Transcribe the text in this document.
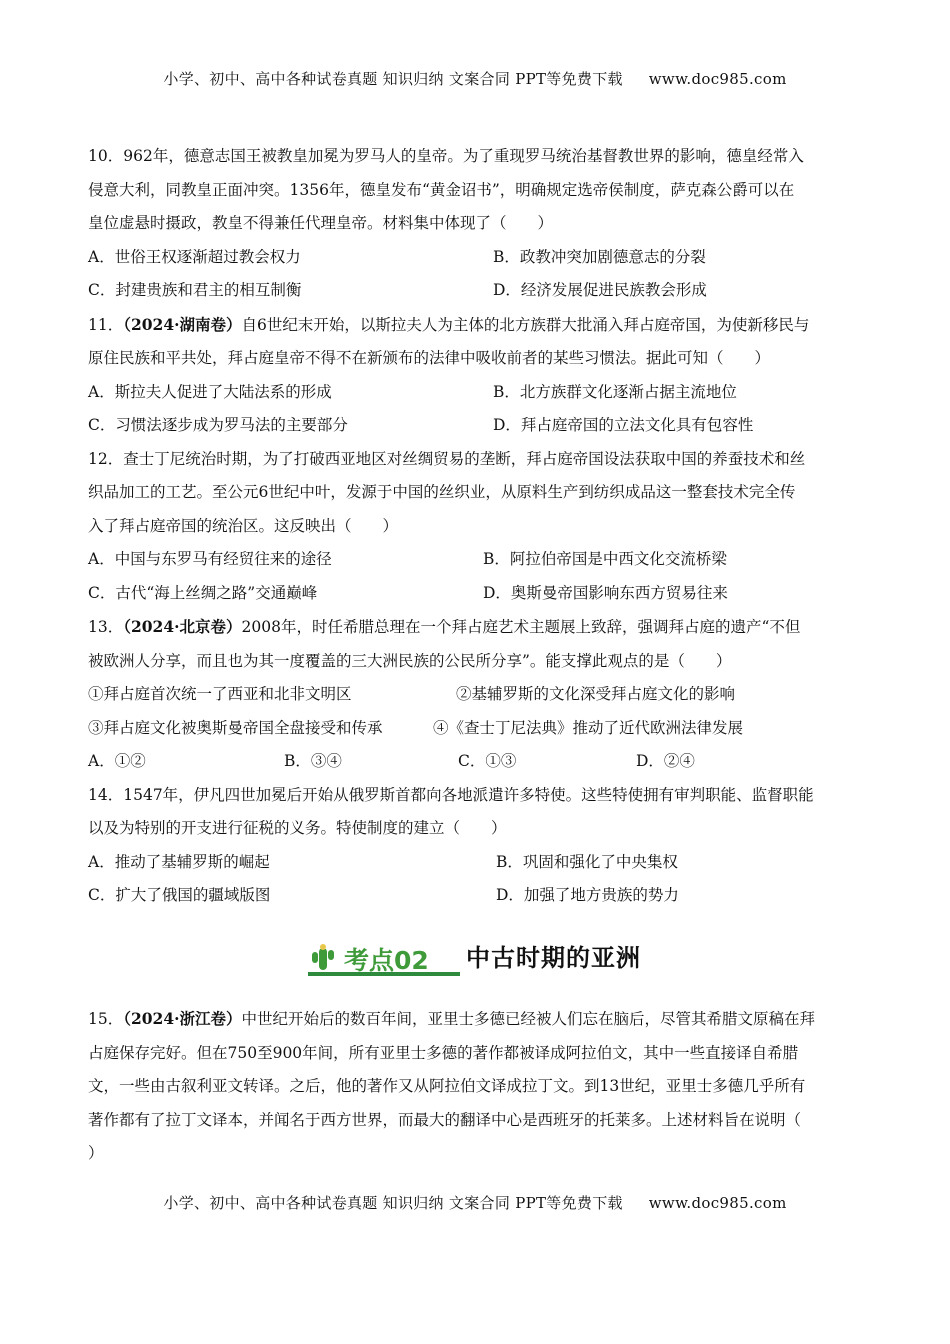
小学、初中、高中各种试卷真题 知识归纳 文案合同 PPT等免费下载 www.doc985.com

10．962年，德意志国王被教皇加冕为罗马人的皇帝。为了重现罗马统治基督教世界的影响，德皇经常入

侵意大利，同教皇正面冲突。1356年，德皇发布“黄金诏书”，明确规定选帝侯制度，萨克森公爵可以在

皇位虚悬时摄政，教皇不得兼任代理皇帝。材料集中体现了（　　）

A．世俗王权逐渐超过教会权力	B．政教冲突加剧德意志的分裂
C．封建贵族和君主的相互制衡	D．经济发展促进民族教会形成

11．（2024·湖南卷）自6世纪末开始，以斯拉夫人为主体的北方族群大批涌入拜占庭帝国，为使新移民与

原住民族和平共处，拜占庭皇帝不得不在新颁布的法律中吸收前者的某些习惯法。据此可知（　　）

A．斯拉夫人促进了大陆法系的形成	B．北方族群文化逐渐占据主流地位
C．习惯法逐步成为罗马法的主要部分	D．拜占庭帝国的立法文化具有包容性

12．查士丁尼统治时期，为了打破西亚地区对丝绸贸易的垄断，拜占庭帝国设法获取中国的养蚕技术和丝

织品加工的工艺。至公元6世纪中叶，发源于中国的丝织业，从原料生产到纺织成品这一整套技术完全传

入了拜占庭帝国的统治区。这反映出（　　）

A．中国与东罗马有经贸往来的途径	B．阿拉伯帝国是中西文化交流桥梁
C．古代“海上丝绸之路”交通巅峰	D．奥斯曼帝国影响东西方贸易往来

13．（2024·北京卷）2008年，时任希腊总理在一个拜占庭艺术主题展上致辞，强调拜占庭的遗产“不但

被欧洲人分享，而且也为其一度覆盖的三大洲民族的公民所分享”。能支撑此观点的是（　　）

①拜占庭首次统一了西亚和北非文明区	②基辅罗斯的文化深受拜占庭文化的影响
③拜占庭文化被奥斯曼帝国全盘接受和传承	④《查士丁尼法典》推动了近代欧洲法律发展
A．①②	B．③④	C．①③	D．②④

14．1547年，伊凡四世加冕后开始从俄罗斯首都向各地派遣许多特使。这些特使拥有审判职能、监督职能

以及为特别的开支进行征税的义务。特使制度的建立（　　）

A．推动了基辅罗斯的崛起	B．巩固和强化了中央集权
C．扩大了俄国的疆域版图	D．加强了地方贵族的势力
考点02 中古时期的亚洲

15．（2024·浙江卷）中世纪开始后的数百年间，亚里士多德已经被人们忘在脑后，尽管其希腊文原稿在拜

占庭保存完好。但在750至900年间，所有亚里士多德的著作都被译成阿拉伯文，其中一些直接译自希腊

文，一些由古叙利亚文转译。之后，他的著作又从阿拉伯文译成拉丁文。到13世纪，亚里士多德几乎所有

著作都有了拉丁文译本，并闻名于西方世界，而最大的翻译中心是西班牙的托莱多。上述材料旨在说明（

）

小学、初中、高中各种试卷真题 知识归纳 文案合同 PPT等免费下载 www.doc985.com
